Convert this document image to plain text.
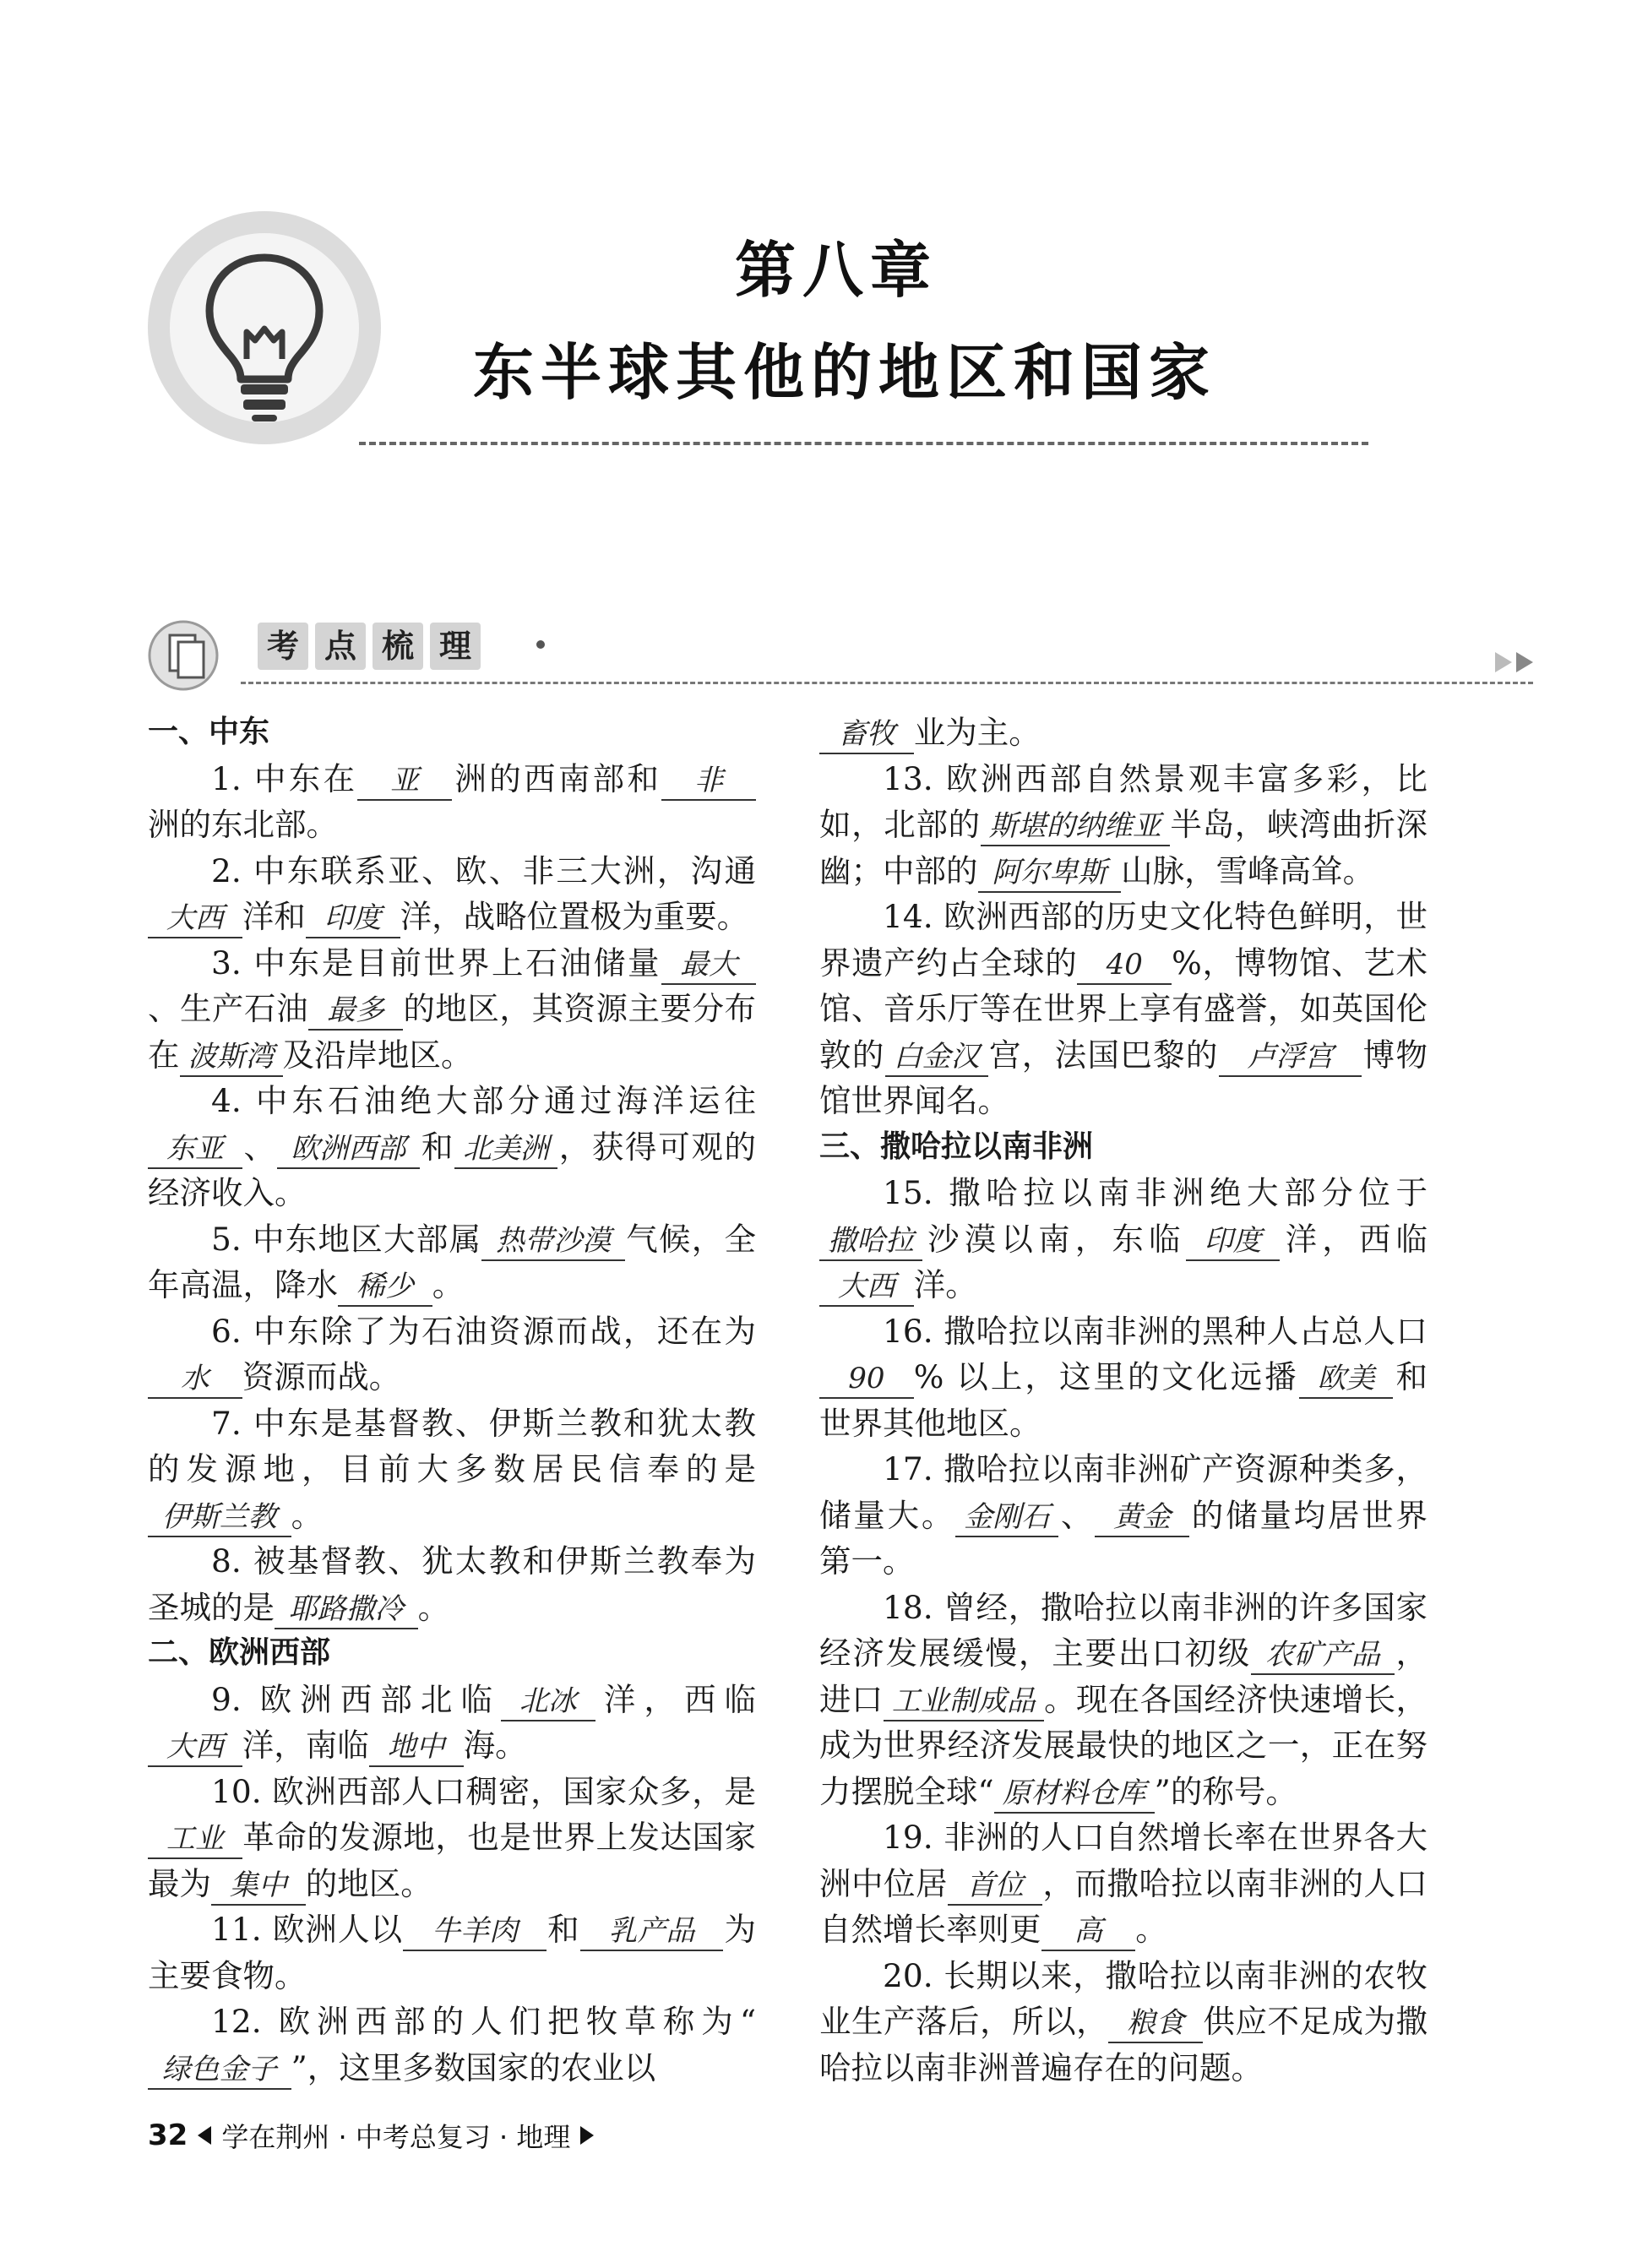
第八章
东半球其他的地区和国家
考 点 梳 理
一、中东

1. 中东在 亚 洲的西南部和 非洲的东北部。

2. 中东联系亚、欧、非三大洲，沟通大西 洋和 印度 洋，战略位置极为重要。

3. 中东是目前世界上石油储量 最大、生产石油 最多 的地区，其资源主要分布在 波斯湾 及沿岸地区。

4. 中东石油绝大部分通过海洋运往东亚 、 欧洲西部 和 北美洲 ，获得可观的经济收入。

5. 中东地区大部属 热带沙漠 气候，全年高温，降水 稀少 。

6. 中东除了为石油资源而战，还在为水 资源而战。

7. 中东是基督教、伊斯兰教和犹太教的发源地，目前大多数居民信奉的是伊斯兰教 。

8. 被基督教、犹太教和伊斯兰教奉为圣城的是 耶路撒冷 。

二、欧洲西部

9. 欧洲西部北临 北冰 洋，西临大西 洋，南临 地中 海。

10. 欧洲西部人口稠密，国家众多，是工业 革命的发源地，也是世界上发达国家最为 集中 的地区。

11. 欧洲人以 牛羊肉 和 乳产品 为主要食物。

12. 欧洲西部的人们把牧草称为“绿色金子 ”，这里多数国家的农业以

畜牧 业为主。

13. 欧洲西部自然景观丰富多彩，比如，北部的 斯堪的纳维亚 半岛，峡湾曲折深幽；中部的 阿尔卑斯 山脉，雪峰高耸。

14. 欧洲西部的历史文化特色鲜明，世界遗产约占全球的 40 %，博物馆、艺术馆、音乐厅等在世界上享有盛誉，如英国伦敦的 白金汉 宫，法国巴黎的 卢浮宫 博物馆世界闻名。

三、撒哈拉以南非洲

15. 撒哈拉以南非洲绝大部分位于撒哈拉 沙漠以南，东临 印度 洋，西临大西 洋。

16. 撒哈拉以南非洲的黑种人占总人口90 % 以上，这里的文化远播 欧美 和世界其他地区。

17. 撒哈拉以南非洲矿产资源种类多，储量大。 金刚石 、 黄金 的储量均居世界第一。

18. 曾经，撒哈拉以南非洲的许多国家经济发展缓慢，主要出口初级 农矿产品 ，进口 工业制成品 。现在各国经济快速增长，成为世界经济发展最快的地区之一，正在努力摆脱全球“ 原材料仓库 ”的称号。

19. 非洲的人口自然增长率在世界各大洲中位居 首位 ，而撒哈拉以南非洲的人口自然增长率则更 高 。

20. 长期以来，撒哈拉以南非洲的农牧业生产落后，所以， 粮食 供应不足成为撒哈拉以南非洲普遍存在的问题。

32 学在荆州 · 中考总复习 · 地理
